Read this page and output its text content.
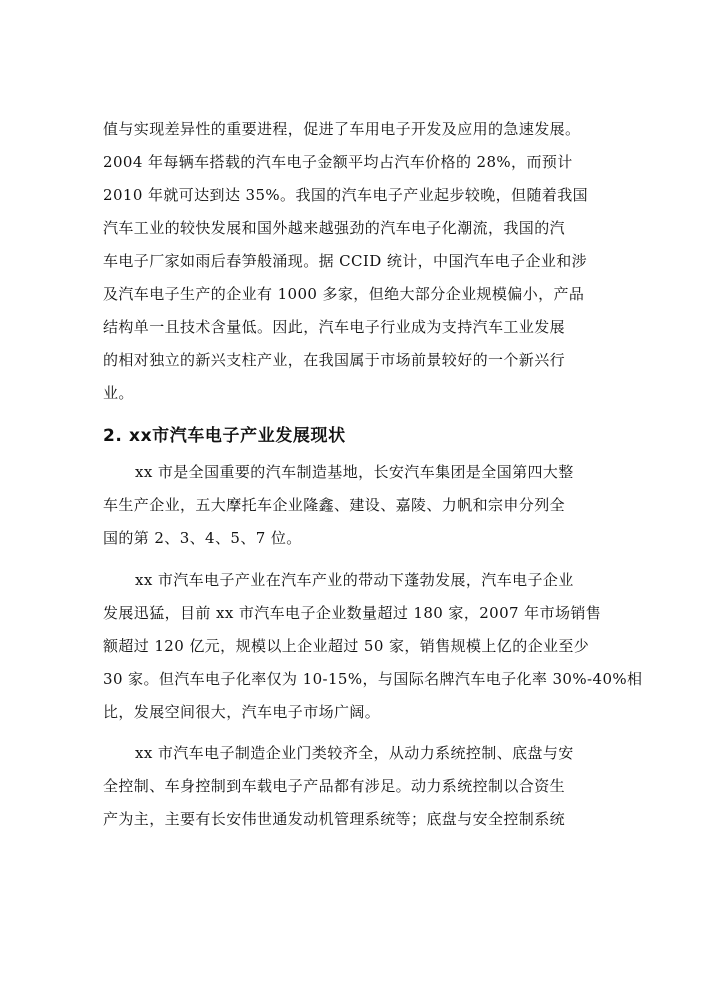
值与实现差异性的重要进程，促进了车用电子开发及应用的急速发展。
2004 年每辆车搭载的汽车电子金额平均占汽车价格的 28%，而预计
2010 年就可达到达 35%。我国的汽车电子产业起步较晚，但随着我国
汽车工业的较快发展和国外越来越强劲的汽车电子化潮流，我国的汽
车电子厂家如雨后春笋般涌现。据 CCID 统计，中国汽车电子企业和涉
及汽车电子生产的企业有 1000 多家，但绝大部分企业规模偏小，产品
结构单一且技术含量低。因此，汽车电子行业成为支持汽车工业发展
的相对独立的新兴支柱产业，在我国属于市场前景较好的一个新兴行
业。
2. xx市汽车电子产业发展现状
xx 市是全国重要的汽车制造基地，长安汽车集团是全国第四大整
车生产企业，五大摩托车企业隆鑫、建设、嘉陵、力帆和宗申分列全
国的第 2、3、4、5、7 位。
xx 市汽车电子产业在汽车产业的带动下蓬勃发展，汽车电子企业
发展迅猛，目前 xx 市汽车电子企业数量超过 180 家，2007 年市场销售
额超过 120 亿元，规模以上企业超过 50 家，销售规模上亿的企业至少
30 家。但汽车电子化率仅为 10-15%，与国际名牌汽车电子化率 30%-40%相
比，发展空间很大，汽车电子市场广阔。
xx 市汽车电子制造企业门类较齐全，从动力系统控制、底盘与安
全控制、车身控制到车载电子产品都有涉足。动力系统控制以合资生
产为主，主要有长安伟世通发动机管理系统等；底盘与安全控制系统
